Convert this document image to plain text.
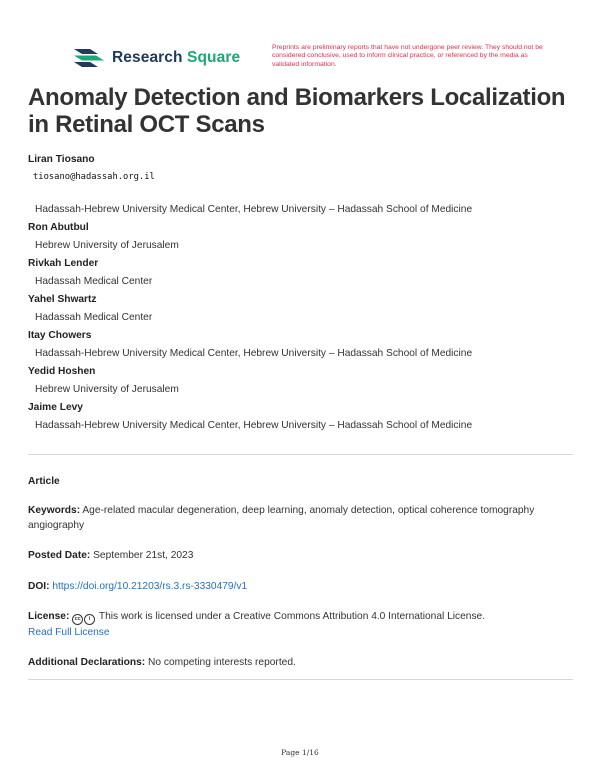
Research Square
Preprints are preliminary reports that have not undergone peer review. They should not be considered conclusive, used to inform clinical practice, or referenced by the media as validated information.
Anomaly Detection and Biomarkers Localization in Retinal OCT Scans
Liran Tiosano
tiosano@hadassah.org.il
Hadassah-Hebrew University Medical Center, Hebrew University – Hadassah School of Medicine
Ron Abutbul
Hebrew University of Jerusalem
Rivkah Lender
Hadassah Medical Center
Yahel Shwartz
Hadassah Medical Center
Itay Chowers
Hadassah-Hebrew University Medical Center, Hebrew University – Hadassah School of Medicine
Yedid Hoshen
Hebrew University of Jerusalem
Jaime Levy
Hadassah-Hebrew University Medical Center, Hebrew University – Hadassah School of Medicine
Article
Keywords: Age-related macular degeneration, deep learning, anomaly detection, optical coherence tomography angiography
Posted Date: September 21st, 2023
DOI: https://doi.org/10.21203/rs.3.rs-3330479/v1
License: cc i This work is licensed under a Creative Commons Attribution 4.0 International License.
Read Full License
Additional Declarations: No competing interests reported.
Page 1/16
